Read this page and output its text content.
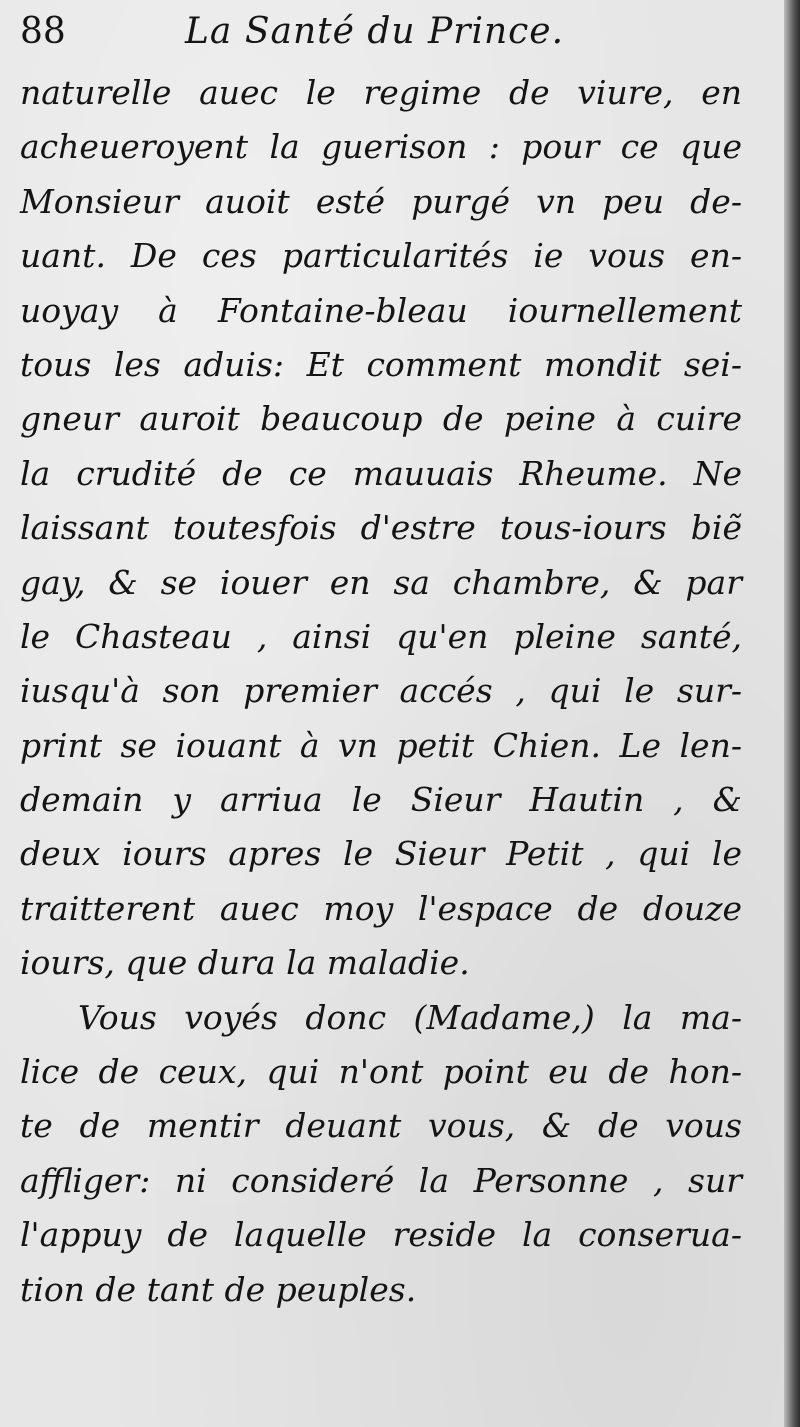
88	La Santé du Prince.
naturelle auec le regime de viure, en
acheueroyent la guerison : pour ce que
Monsieur auoit esté purgé vn peu de-
uant. De ces particularités ie vous en-
uoyay à Fontaine-bleau iournellement
tous les aduis: Et comment mondit sei-
gneur auroit beaucoup de peine à cuire
la crudité de ce mauuais Rheume. Ne
laissant toutesfois d'estre tous-iours biẽ
gay, & se iouer en sa chambre, & par
le Chasteau , ainsi qu'en pleine santé,
iusqu'à son premier accés , qui le sur-
print se iouant à vn petit Chien. Le len-
demain y arriua le Sieur Hautin , &
deux iours apres le Sieur Petit , qui le
traitterent auec moy l'espace de douze
iours, que dura la maladie.
Vous voyés donc (Madame,) la ma-
lice de ceux, qui n'ont point eu de hon-
te de mentir deuant vous, & de vous
affliger: ni consideré la Personne , sur
l'appuy de laquelle reside la conserua-
tion de tant de peuples.
